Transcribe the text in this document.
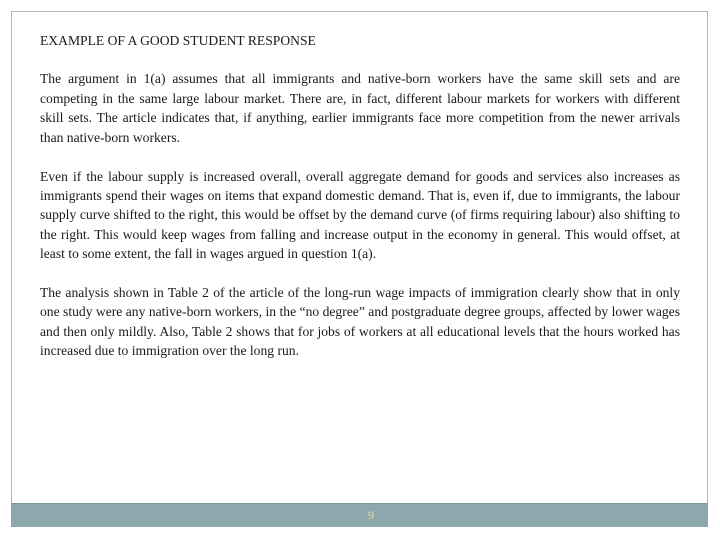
EXAMPLE OF A GOOD STUDENT RESPONSE

The argument in 1(a) assumes that all immigrants and native-born workers have the same skill sets and are competing in the same large labour market. There are, in fact, different labour markets for workers with different skill sets. The article indicates that, if anything, earlier immigrants face more competition from the newer arrivals than native-born workers.

Even if the labour supply is increased overall, overall aggregate demand for goods and services also increases as immigrants spend their wages on items that expand domestic demand. That is, even if, due to immigrants, the labour supply curve shifted to the right, this would be offset by the demand curve (of firms requiring labour) also shifting to the right. This would keep wages from falling and increase output in the economy in general. This would offset, at least to some extent, the fall in wages argued in question 1(a).

The analysis shown in Table 2 of the article of the long-run wage impacts of immigration clearly show that in only one study were any native-born workers, in the “no degree” and postgraduate degree groups, affected by lower wages and then only mildly. Also, Table 2 shows that for jobs of workers at all educational levels that the hours worked has increased due to immigration over the long run.

9
